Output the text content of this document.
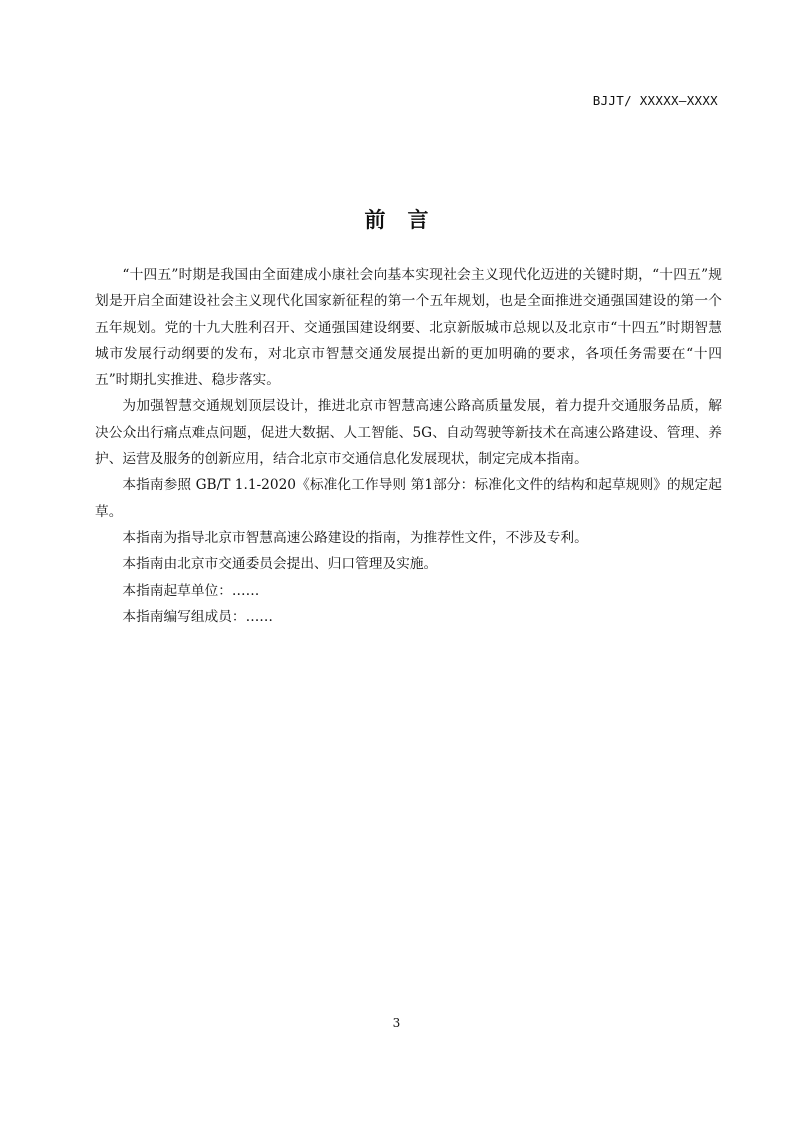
BJJT/ XXXXX—XXXX
前言

“十四五”时期是我国由全面建成小康社会向基本实现社会主义现代化迈进的关键时期，“十四五”规划是开启全面建设社会主义现代化国家新征程的第一个五年规划，也是全面推进交通强国建设的第一个五年规划。党的十九大胜利召开、交通强国建设纲要、北京新版城市总规以及北京市“十四五”时期智慧城市发展行动纲要的发布，对北京市智慧交通发展提出新的更加明确的要求，各项任务需要在“十四五”时期扎实推进、稳步落实。

为加强智慧交通规划顶层设计，推进北京市智慧高速公路高质量发展，着力提升交通服务品质，解决公众出行痛点难点问题，促进大数据、人工智能、5G、自动驾驶等新技术在高速公路建设、管理、养护、运营及服务的创新应用，结合北京市交通信息化发展现状，制定完成本指南。

本指南参照 GB/T 1.1-2020《标准化工作导则 第1部分：标准化文件的结构和起草规则》的规定起草。

本指南为指导北京市智慧高速公路建设的指南，为推荐性文件，不涉及专利。

本指南由北京市交通委员会提出、归口管理及实施。

本指南起草单位：……

本指南编写组成员：……

3
